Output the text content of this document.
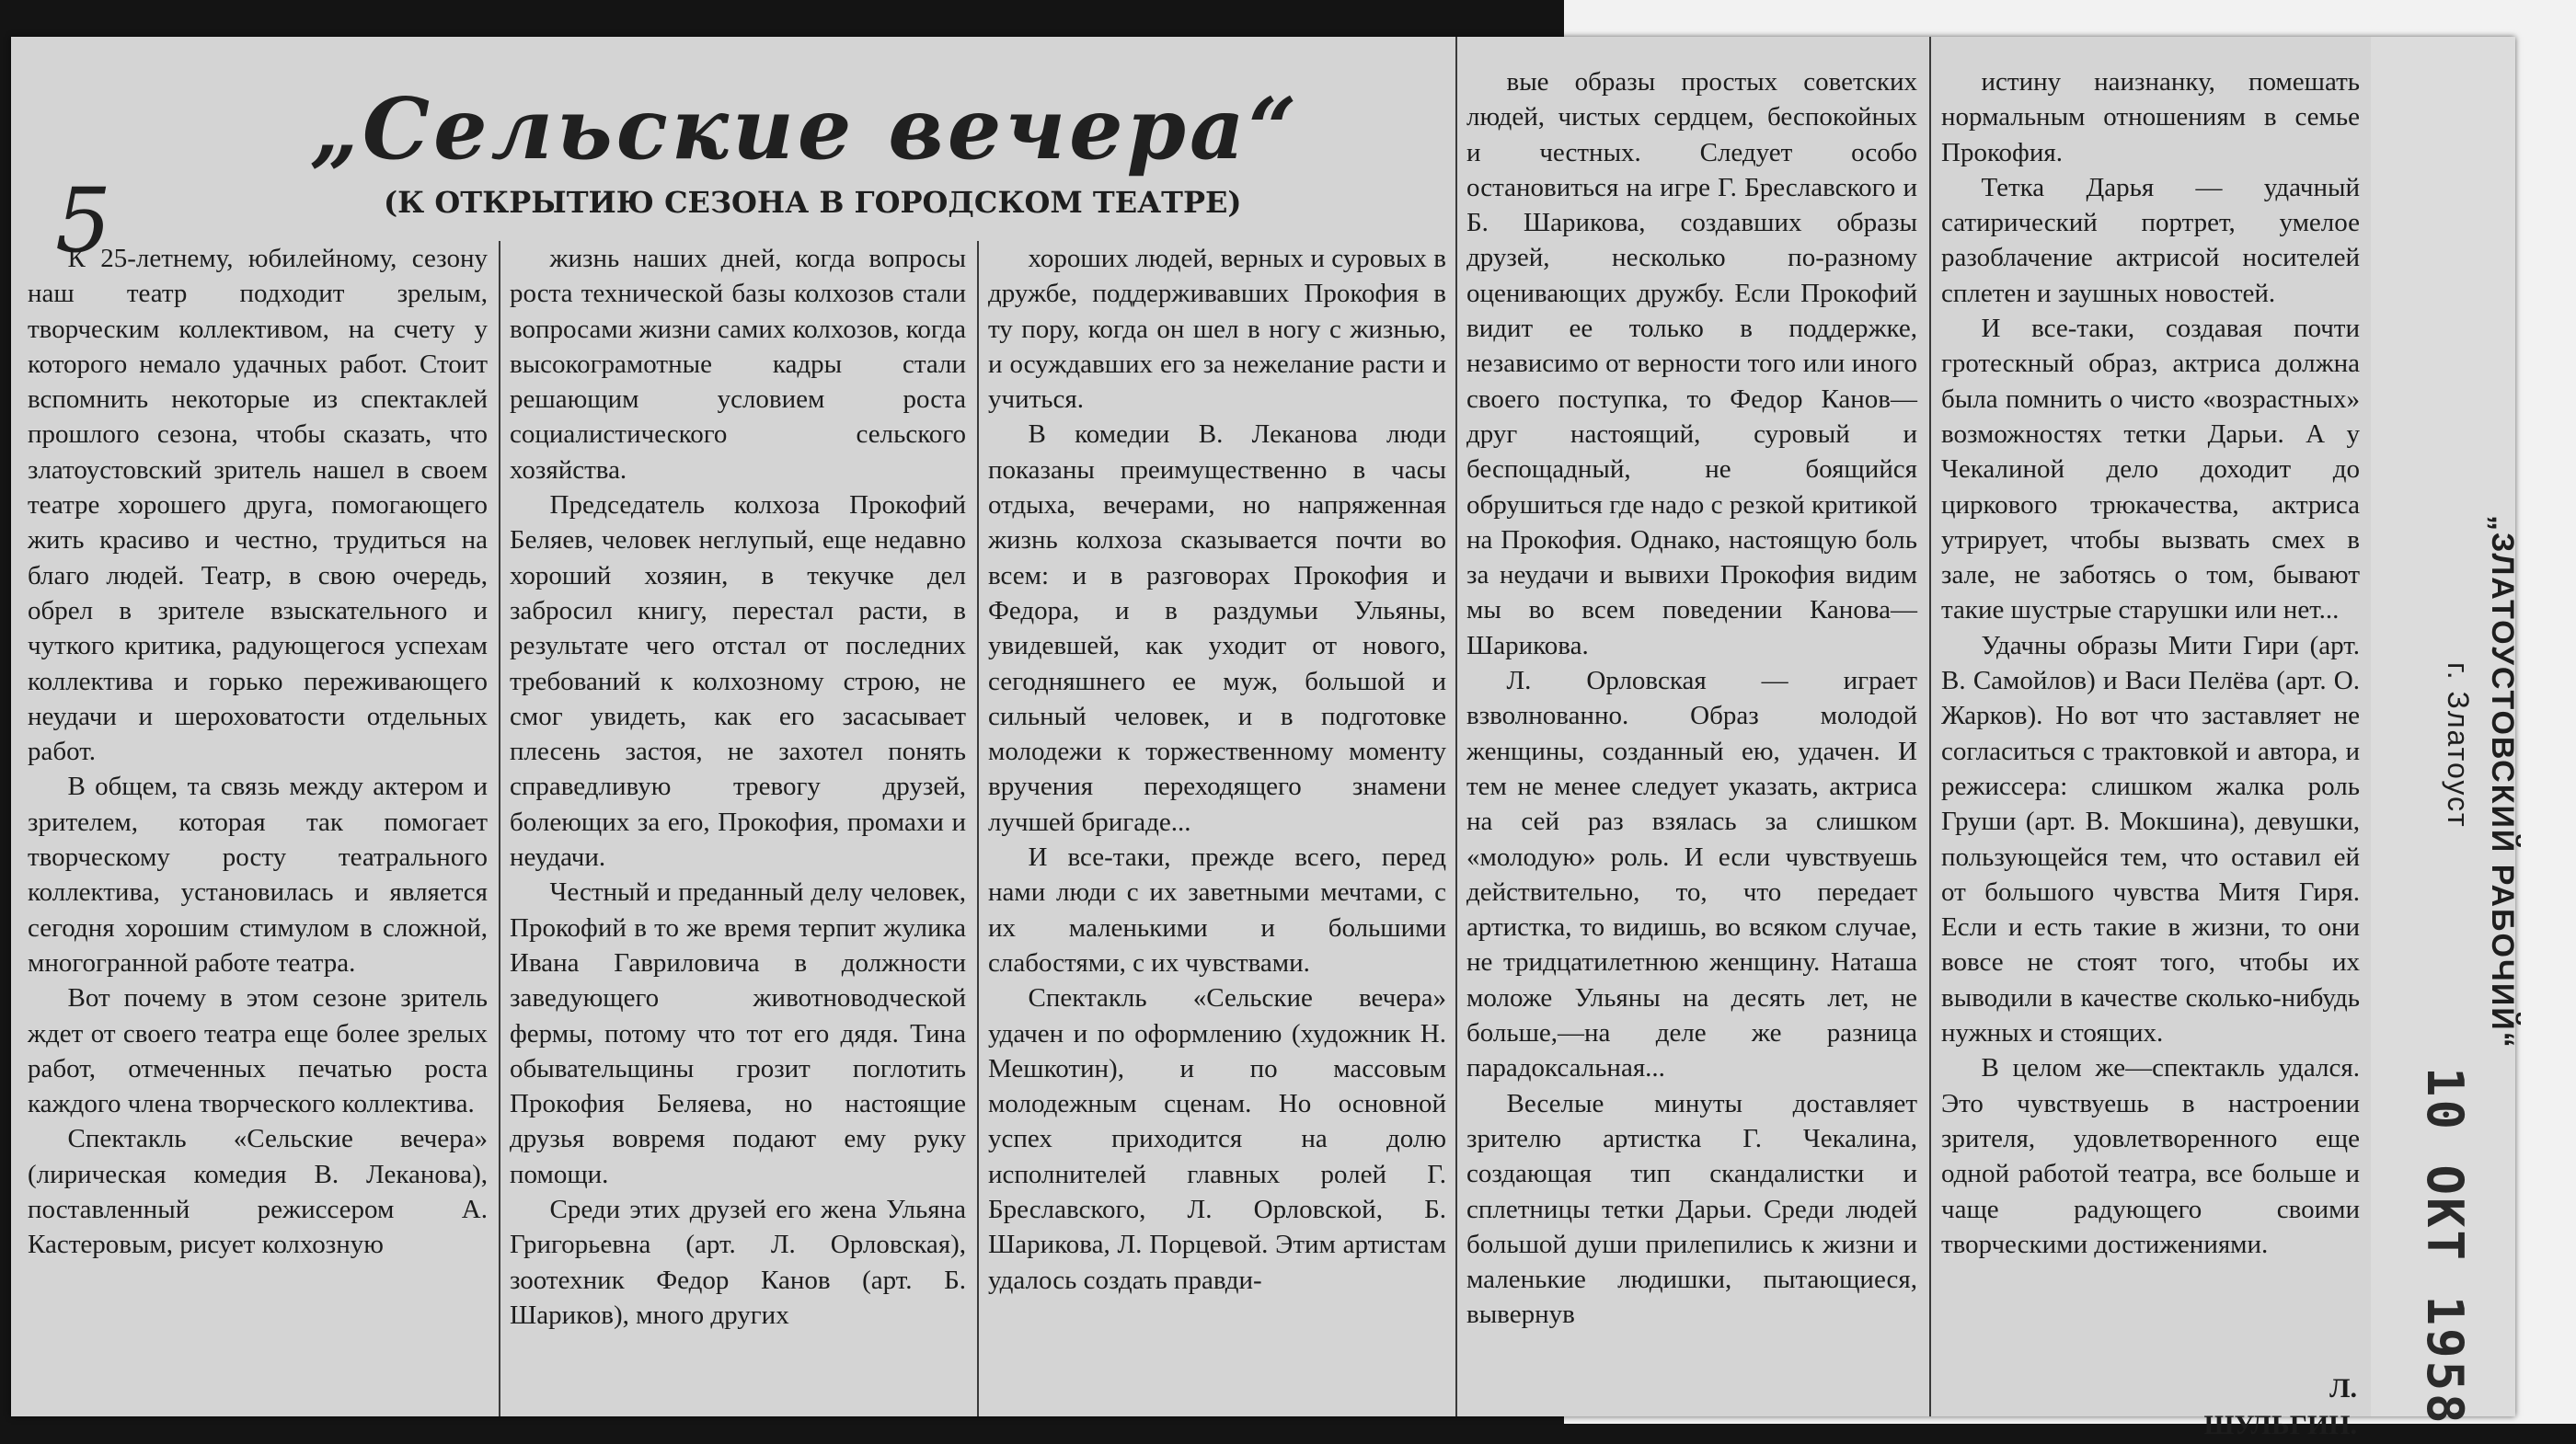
5
„Сельские вечера“
(К ОТКРЫТИЮ СЕЗОНА В ГОРОДСКОМ ТЕАТРЕ)

К 25-летнему, юбилейному, сезону наш театр подходит зрелым, творческим коллективом, на счету у которого немало удачных работ. Стоит вспомнить некоторые из спектаклей прошлого сезона, чтобы сказать, что златоустовский зритель нашел в своем театре хорошего друга, помогающего жить красиво и честно, трудиться на благо людей. Театр, в свою очередь, обрел в зрителе взыскательного и чуткого критика, радующегося успехам коллектива и горько переживающего неудачи и шероховатости отдельных работ.

В общем, та связь между актером и зрителем, которая так помогает творческому росту театрального коллектива, установилась и является сегодня хорошим стимулом в сложной, многогранной работе театра.

Вот почему в этом сезоне зритель ждет от своего театра еще более зрелых работ, отмеченных печатью роста каждого члена творческого коллектива.

Спектакль «Сельские вечера» (лирическая комедия В. Леканова), поставленный режиссером А. Кастеровым, рисует колхозную

жизнь наших дней, когда вопросы роста технической базы колхозов стали вопросами жизни самих колхозов, когда высокограмотные кадры стали решающим условием роста социалистического сельского хозяйства.

Председатель колхоза Прокофий Беляев, человек неглупый, еще недавно хороший хозяин, в текучке дел забросил книгу, перестал расти, в результате чего отстал от последних требований к колхозному строю, не смог увидеть, как его засасывает плесень застоя, не захотел понять справедливую тревогу друзей, болеющих за его, Прокофия, промахи и неудачи.

Честный и преданный делу человек, Прокофий в то же время терпит жулика Ивана Гавриловича в должности заведующего животноводческой фермы, потому что тот его дядя. Тина обывательщины грозит поглотить Прокофия Беляева, но настоящие друзья вовремя подают ему руку помощи.

Среди этих друзей его жена Ульяна Григорьевна (арт. Л. Орловская), зоотехник Федор Канов (арт. Б. Шариков), много других

хороших людей, верных и суровых в дружбе, поддерживавших Прокофия в ту пору, когда он шел в ногу с жизнью, и осуждавших его за нежелание расти и учиться.

В комедии В. Леканова люди показаны преимущественно в часы отдыха, вечерами, но напряженная жизнь колхоза сказывается почти во всем: и в разговорах Прокофия и Федора, и в раздумьи Ульяны, увидевшей, как уходит от нового, сегодняшнего ее муж, большой и сильный человек, и в подготовке молодежи к торжественному моменту вручения переходящего знамени лучшей бригаде...

И все-таки, прежде всего, перед нами люди с их заветными мечтами, с их маленькими и большими слабостями, с их чувствами.

Спектакль «Сельские вечера» удачен и по оформлению (художник Н. Мешкотин), и по массовым молодежным сценам. Но основной успех приходится на долю исполнителей главных ролей Г. Бреславского, Л. Орловской, Б. Шарикова, Л. Порцевой. Этим артистам удалось создать правди-

вые образы простых советских людей, чистых сердцем, беспокойных и честных. Следует особо остановиться на игре Г. Бреславского и Б. Шарикова, создавших образы друзей, несколько по-разному оценивающих дружбу. Если Прокофий видит ее только в поддержке, независимо от верности того или иного своего поступка, то Федор Канов—друг настоящий, суровый и беспощадный, не боящийся обрушиться где надо с резкой критикой на Прокофия. Однако, настоящую боль за неудачи и вывихи Прокофия видим мы во всем поведении Канова—Шарикова.

Л. Орловская — играет взволнованно. Образ молодой женщины, созданный ею, удачен. И тем не менее следует указать, актриса на сей раз взялась за слишком «молодую» роль. И если чувствуешь действительно, то, что передает артистка, то видишь, во всяком случае, не тридцатилетнюю женщину. Наташа моложе Ульяны на десять лет, не больше,—на деле же разница парадоксальная...

Веселые минуты доставляет зрителю артистка Г. Чекалина, создающая тип скандалистки и сплетницы тетки Дарьи. Среди людей большой души прилепились к жизни и маленькие людишки, пытающиеся, вывернув

истину наизнанку, помешать нормальным отношениям в семье Прокофия.

Тетка Дарья — удачный сатирический портрет, умелое разоблачение актрисой носителей сплетен и заушных новостей.

И все-таки, создавая почти гротескный образ, актриса должна была помнить о чисто «возрастных» возможностях тетки Дарьи. А у Чекалиной дело доходит до циркового трюкачества, актриса утрирует, чтобы вызвать смех в зале, не заботясь о том, бывают такие шустрые старушки или нет...

Удачны образы Мити Гири (арт. В. Самойлов) и Васи Пелёва (арт. О. Жарков). Но вот что заставляет не согласиться с трактовкой и автора, и режиссера: слишком жалка роль Груши (арт. В. Мокшина), девушки, пользующейся тем, что оставил ей от большого чувства Митя Гиря. Если и есть такие в жизни, то они вовсе не стоят того, чтобы их выводили в качестве сколько-нибудь нужных и стоящих.

В целом же—спектакль удался. Это чувствуешь в настроении зрителя, удовлетворенного еще одной работой театра, все больше и чаще радующего своими творческими достижениями.

Л. ШУЛЬГИН.
„ЗЛАТОУСТОВСКИЙ РАБОЧИЙ“
г. Златоуст
10 ОКТ 1958
